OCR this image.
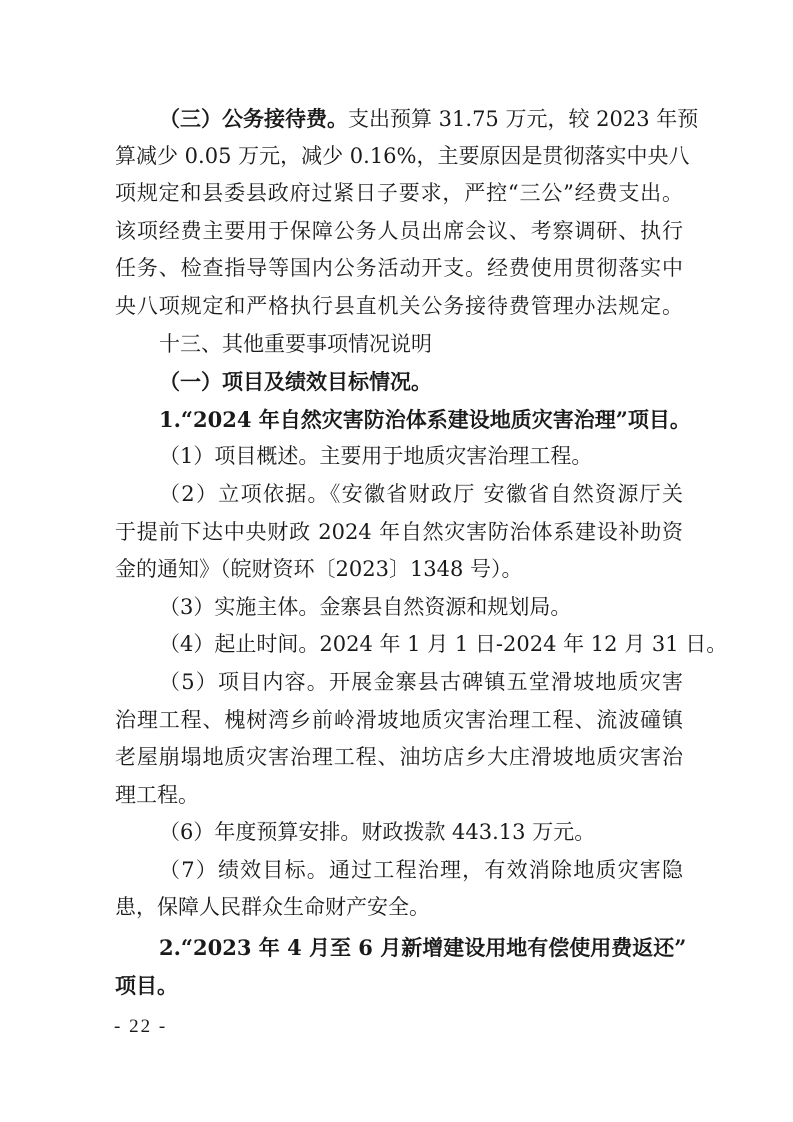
（三）公务接待费。支出预算 31.75 万元，较 2023 年预
算减少 0.05 万元，减少 0.16%，主要原因是贯彻落实中央八
项规定和县委县政府过紧日子要求，严控“三公”经费支出。
该项经费主要用于保障公务人员出席会议、考察调研、执行
任务、检查指导等国内公务活动开支。经费使用贯彻落实中
央八项规定和严格执行县直机关公务接待费管理办法规定。
十三、其他重要事项情况说明
（一）项目及绩效目标情况。
1.“2024 年自然灾害防治体系建设地质灾害治理”项目。
（1）项目概述。主要用于地质灾害治理工程。
（2）立项依据。《安徽省财政厅 安徽省自然资源厅关
于提前下达中央财政 2024 年自然灾害防治体系建设补助资
金的通知》（皖财资环〔2023〕1348 号）。
（3）实施主体。金寨县自然资源和规划局。
（4）起止时间。2024 年 1 月 1 日-2024 年 12 月 31 日。
（5）项目内容。开展金寨县古碑镇五堂滑坡地质灾害
治理工程、槐树湾乡前岭滑坡地质灾害治理工程、流波䃥镇
老屋崩塌地质灾害治理工程、油坊店乡大庄滑坡地质灾害治
理工程。
（6）年度预算安排。财政拨款 443.13 万元。
（7）绩效目标。通过工程治理，有效消除地质灾害隐
患，保障人民群众生命财产安全。
2.“2023 年 4 月至 6 月新增建设用地有偿使用费返还”
项目。
- 22 -
